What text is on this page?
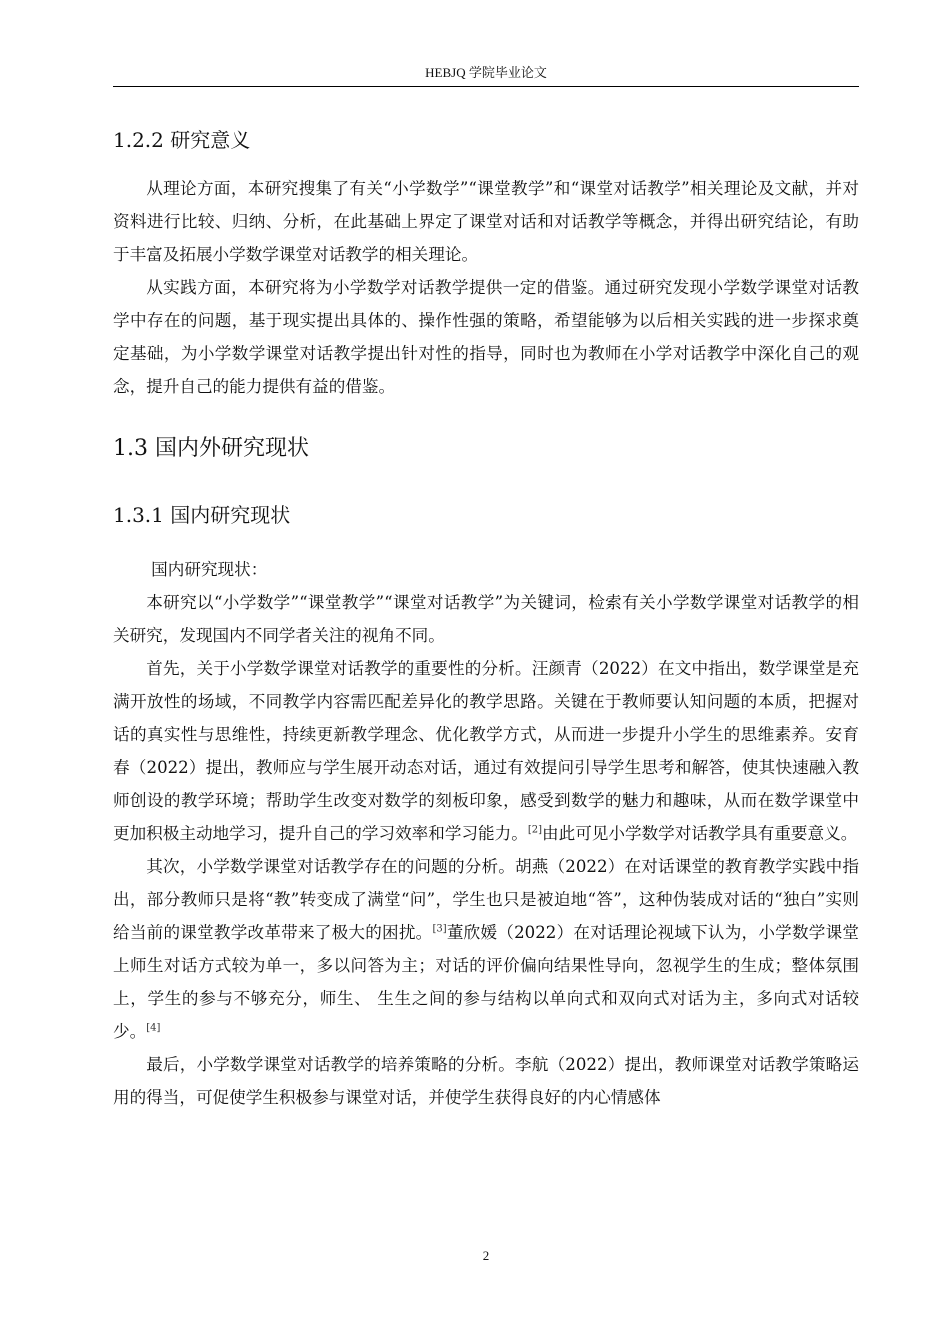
HEBJQ 学院毕业论文
1.2.2 研究意义

从理论方面，本研究搜集了有关“小学数学”“课堂教学”和“课堂对话教学”相关理论及文献，并对资料进行比较、归纳、分析，在此基础上界定了课堂对话和对话教学等概念，并得出研究结论，有助于丰富及拓展小学数学课堂对话教学的相关理论。

从实践方面，本研究将为小学数学对话教学提供一定的借鉴。通过研究发现小学数学课堂对话教学中存在的问题，基于现实提出具体的、操作性强的策略，希望能够为以后相关实践的进一步探求奠定基础，为小学数学课堂对话教学提出针对性的指导，同时也为教师在小学对话教学中深化自己的观念，提升自己的能力提供有益的借鉴。

1.3 国内外研究现状
1.3.1 国内研究现状

国内研究现状：

本研究以“小学数学”“课堂教学”“课堂对话教学”为关键词，检索有关小学数学课堂对话教学的相关研究，发现国内不同学者关注的视角不同。

首先，关于小学数学课堂对话教学的重要性的分析。汪颜青（2022）在文中指出，数学课堂是充满开放性的场域，不同教学内容需匹配差异化的教学思路。关键在于教师要认知问题的本质，把握对话的真实性与思维性，持续更新教学理念、优化教学方式，从而进一步提升小学生的思维素养。安育春（2022）提出，教师应与学生展开动态对话，通过有效提问引导学生思考和解答，使其快速融入教师创设的教学环境；帮助学生改变对数学的刻板印象，感受到数学的魅力和趣味，从而在数学课堂中更加积极主动地学习，提升自己的学习效率和学习能力。[2]由此可见小学数学对话教学具有重要意义。

其次，小学数学课堂对话教学存在的问题的分析。胡燕（2022）在对话课堂的教育教学实践中指出，部分教师只是将“教”转变成了满堂“问”，学生也只是被迫地“答”，这种伪装成对话的“独白”实则给当前的课堂教学改革带来了极大的困扰。[3]董欣媛（2022）在对话理论视域下认为，小学数学课堂上师生对话方式较为单一，多以问答为主；对话的评价偏向结果性导向，忽视学生的生成；整体氛围上，学生的参与不够充分，师生、 生生之间的参与结构以单向式和双向式对话为主，多向式对话较少。[4]

最后，小学数学课堂对话教学的培养策略的分析。李航（2022）提出，教师课堂对话教学策略运用的得当，可促使学生积极参与课堂对话，并使学生获得良好的内心情感体

2
